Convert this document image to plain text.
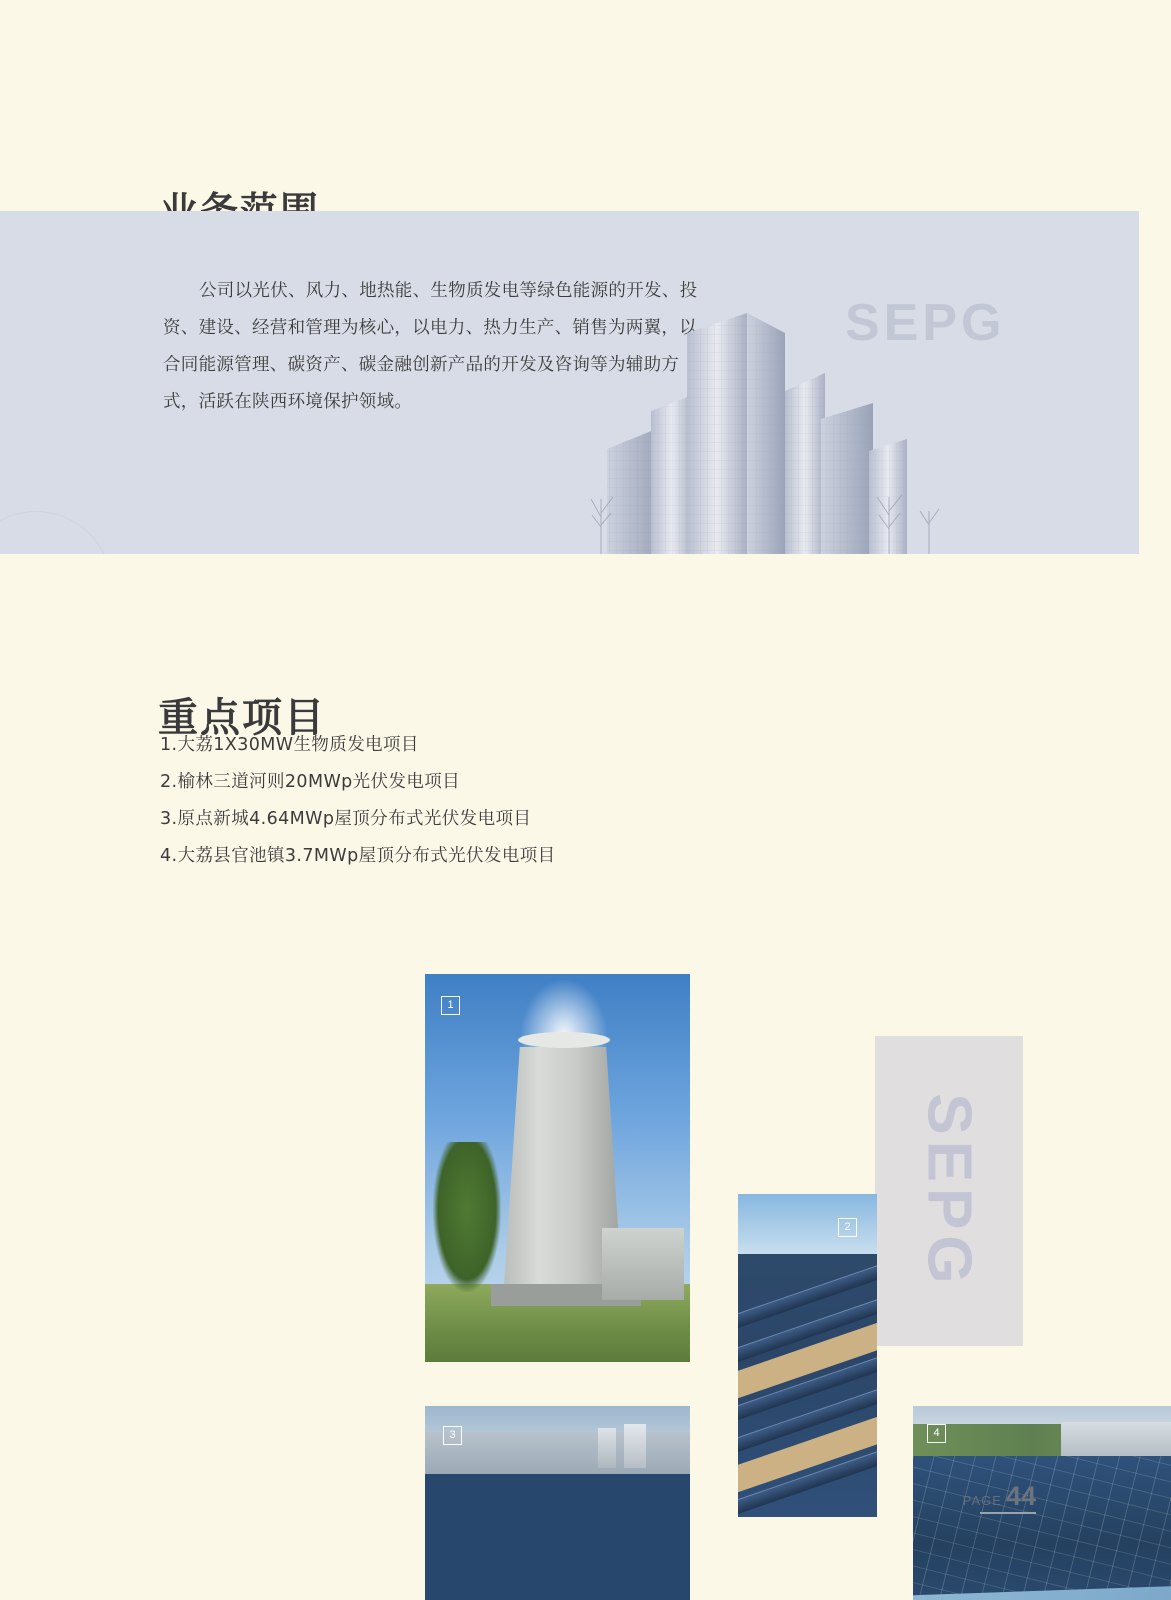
公司以光伏、风力、地热能、生物质发电等绿色能源的开发、投资、建设、经营和管理为核心，以电力、热力生产、销售为两翼，以合同能源管理、碳资产、碳金融创新产品的开发及咨询等为辅助方式，活跃在陕西环境保护领域。

SEPG
重点项目
1.大荔1X30MW生物质发电项目
2.榆林三道河则20MWp光伏发电项目
3.原点新城4.64MWp屋顶分布式光伏发电项目
4.大荔县官池镇3.7MWp屋顶分布式光伏发电项目
SEPG
1
2
3	4
PAGE 44
